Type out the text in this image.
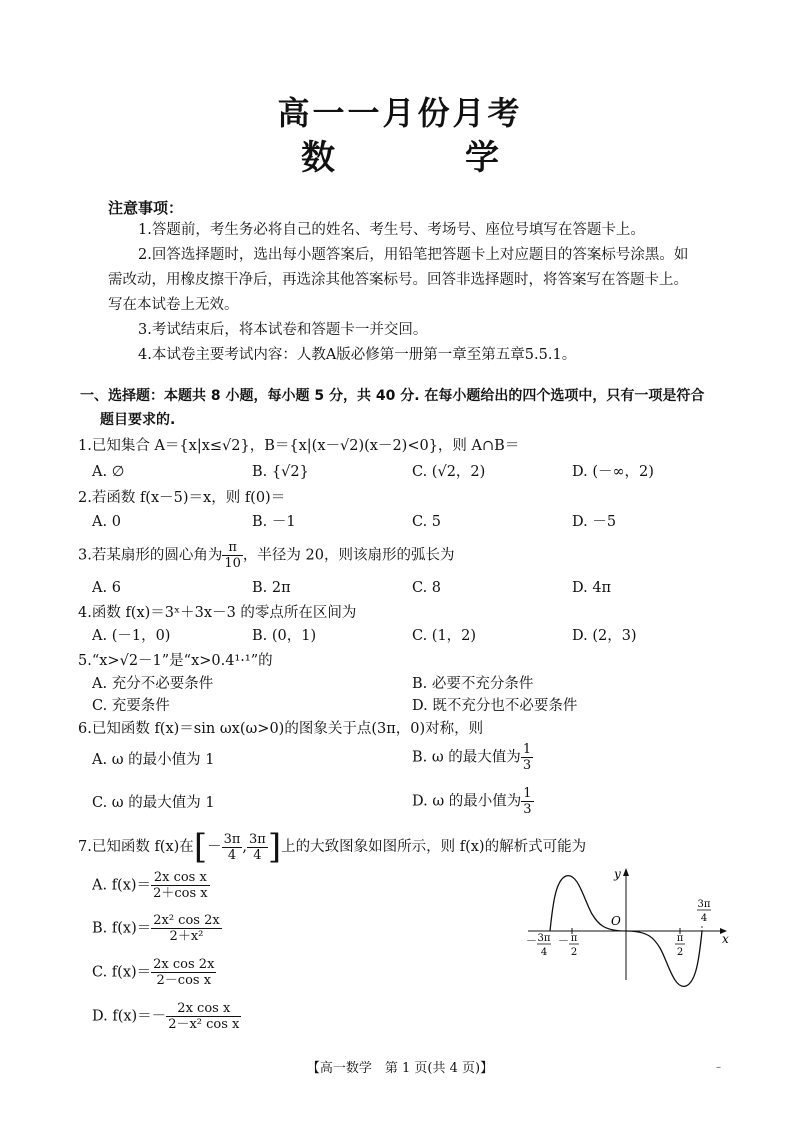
高一一月份月考
数　学
注意事项：
1.答题前，考生务必将自己的姓名、考生号、考场号、座位号填写在答题卡上。
2.回答选择题时，选出每小题答案后，用铅笔把答题卡上对应题目的答案标号涂黑。如需改动，用橡皮擦干净后，再选涂其他答案标号。回答非选择题时，将答案写在答题卡上。写在本试卷上无效。
3.考试结束后，将本试卷和答题卡一并交回。
4.本试卷主要考试内容：人教A版必修第一册第一章至第五章5.5.1。
一、选择题：本题共 8 小题，每小题 5 分，共 40 分. 在每小题给出的四个选项中，只有一项是符合
题目要求的.
1.已知集合 A＝{x|x≤√2}，B＝{x|(x－√2)(x－2)<0}，则 A∩B＝
A. ∅	B. {√2}	C. (√2，2)	D. (－∞，2)
2.若函数 f(x－5)＝x，则 f(0)＝
A. 0	B. －1	C. 5	D. －5
3.若某扇形的圆心角为 $\frac{\pi}{10}$ ，半径为 20，则该扇形的弧长为
A. 6	B. 2π	C. 8	D. 4π
4.函数 f(x)＝3ˣ＋3x－3 的零点所在区间为
A. (－1，0)	B. (0，1)	C. (1，2)	D. (2，3)
5.“x>√2－1”是“x>0.4¹·¹”的
A. 充分不必要条件	B. 必要不充分条件
C. 充要条件	D. 既不充分也不必要条件
6.已知函数 f(x)＝sin ωx(ω>0)的图象关于点(3π，0)对称，则
A. ω 的最小值为 1	B. ω 的最大值为 $\frac{1}{3}$
C. ω 的最大值为 1	D. ω 的最小值为 $\frac{1}{3}$
7.已知函数 f(x)在[－ $\frac{3\pi}{4}$ , $\frac{3\pi}{4}$ ]上的大致图象如图所示，则 f(x)的解析式可能为
A. $f(x)= \frac{\text{2x cos x}}{\text{2＋cos x}}$
B. $f(x)= \frac{\text{2x² cos 2x}}{\text{2＋x²}}$
C. $f(x)= \frac{\text{2x cos 2x}}{\text{2－cos x}}$
D. $f(x)=- \frac{\text{2x cos x}}{\text{2－x² cos x}}$
y
x
O
－ 3π
4
－ π
2
π
2
3π
4
【高一数学　第 1 页(共 4 页)】	–
